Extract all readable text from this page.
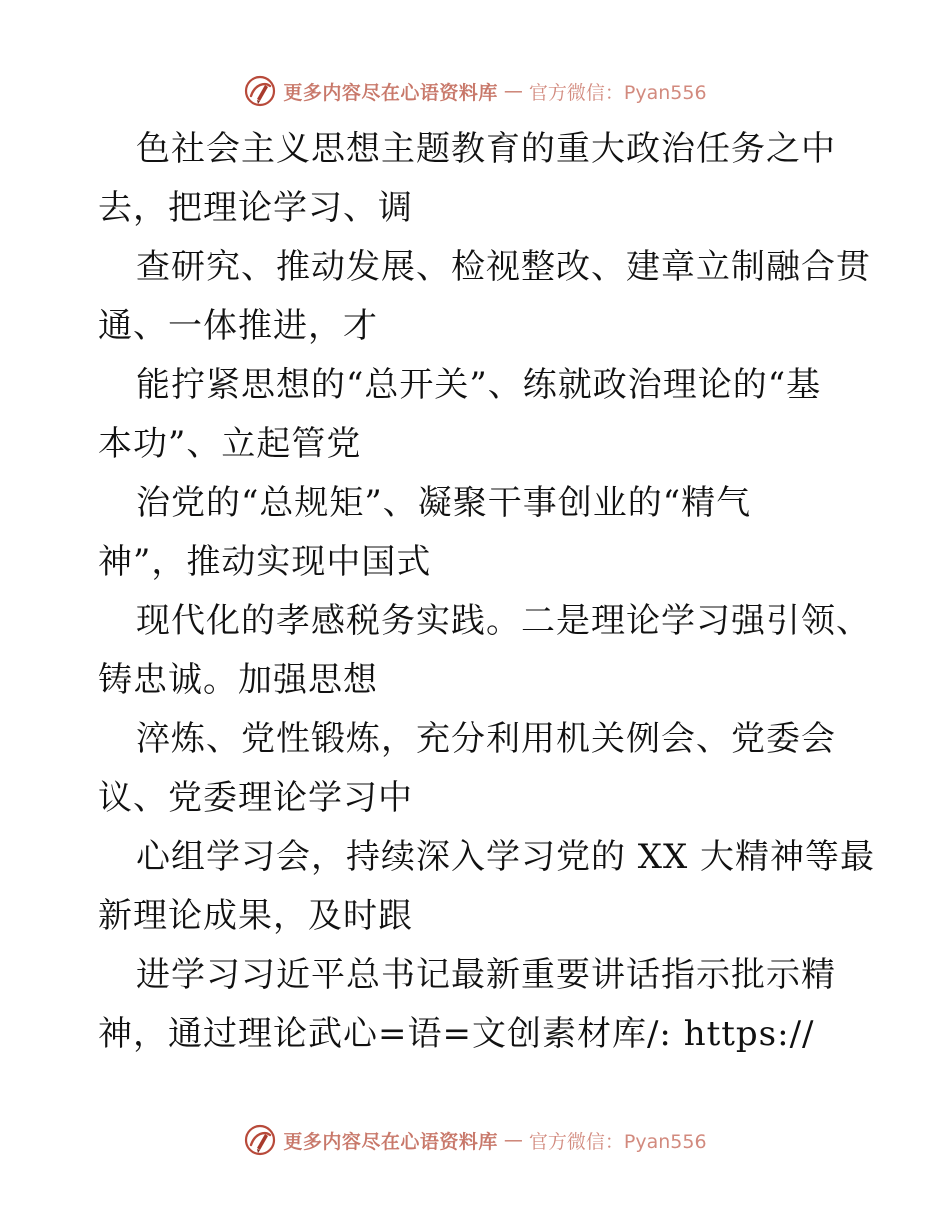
更多内容尽在心语资料库 — 官方微信：Pyan556
色社会主义思想主题教育的重大政治任务之中
去，把理论学习、调
查研究、推动发展、检视整改、建章立制融合贯
通、一体推进，才
能拧紧思想的“总开关”、练就政治理论的“基
本功”、立起管党
治党的“总规矩”、凝聚干事创业的“精气
神”，推动实现中国式
现代化的孝感税务实践。二是理论学习强引领、
铸忠诚。加强思想
淬炼、党性锻炼，充分利用机关例会、党委会
议、党委理论学习中
心组学习会，持续深入学习党的 XX 大精神等最
新理论成果，及时跟
进学习习近平总书记最新重要讲话指示批示精
神，通过理论武心=语=文创素材库/: https://
更多内容尽在心语资料库 — 官方微信：Pyan556
